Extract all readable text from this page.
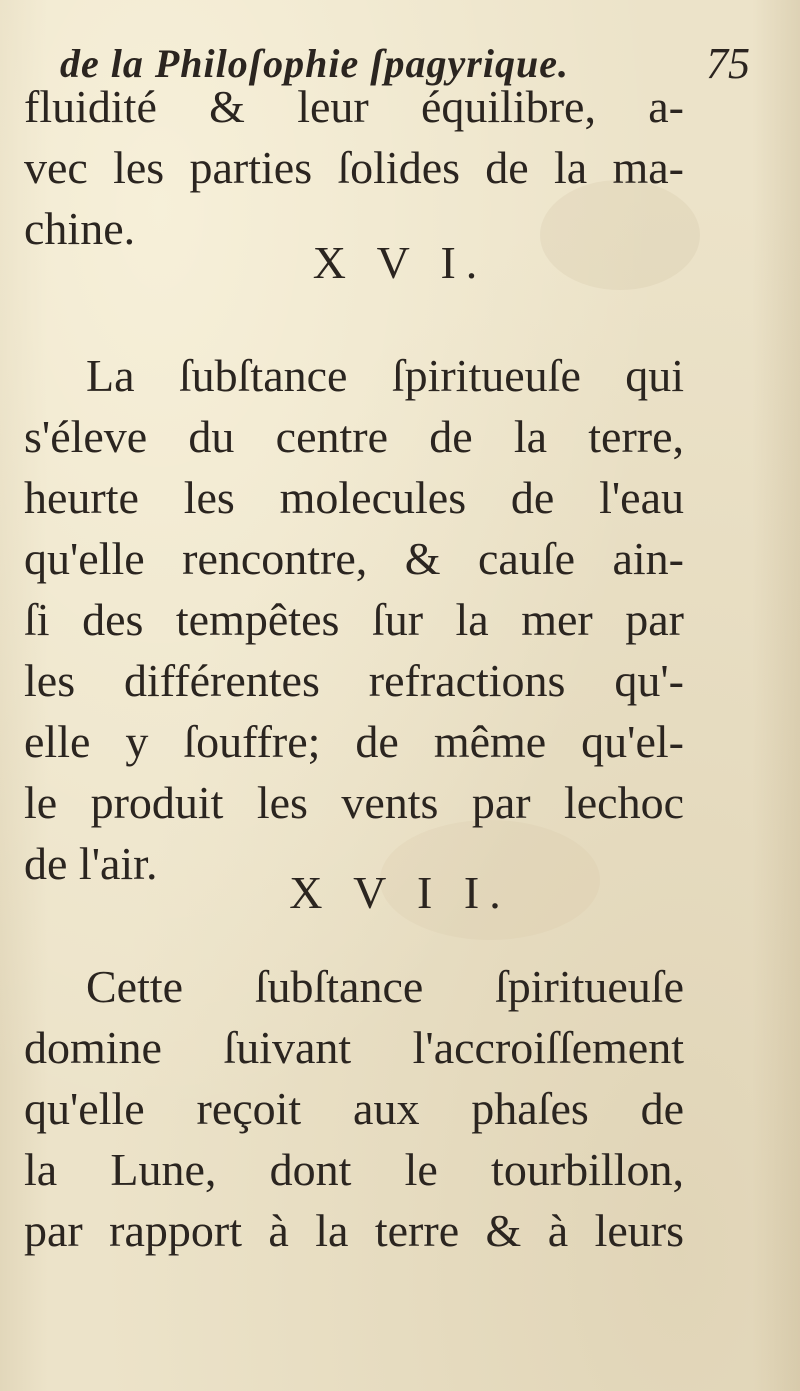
de la Philoſophie ſpagyrique.	75
fluidité & leur équilibre, a-
vec les parties ſolides de la ma-
chine.
X V I.
La ſubſtance ſpiritueuſe qui
s'éleve du centre de la terre,
heurte les molecules de l'eau
qu'elle rencontre, & cauſe ain-
ſi des tempêtes ſur la mer par
les différentes refractions qu'-
elle y ſouffre; de même qu'el-
le produit les vents par lechoc
de l'air.
X V I I.
Cette ſubſtance ſpiritueuſe
domine ſuivant l'accroiſſement
qu'elle reçoit aux phaſes de
la Lune, dont le tourbillon,
par rapport à la terre & à leurs
